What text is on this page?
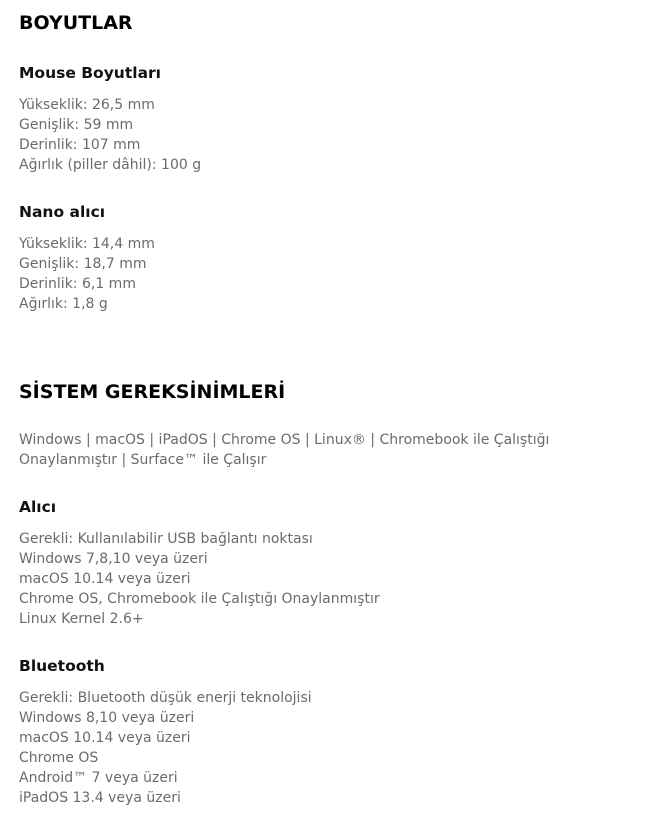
BOYUTLAR
Mouse Boyutları
Yükseklik: 26,5 mm
Genişlik: 59 mm
Derinlik: 107 mm
Ağırlık (piller dâhil): 100 g
Nano alıcı
Yükseklik: 14,4 mm
Genişlik: 18,7 mm
Derinlik: 6,1 mm
Ağırlık: 1,8 g
SİSTEM GEREKSİNİMLERİ

Windows | macOS | iPadOS | Chrome OS | Linux® | Chromebook ile Çalıştığı Onaylanmıştır | Surface™ ile Çalışır

Alıcı
Gerekli: Kullanılabilir USB bağlantı noktası
Windows 7,8,10 veya üzeri
macOS 10.14 veya üzeri
Chrome OS, Chromebook ile Çalıştığı Onaylanmıştır
Linux Kernel 2.6+
Bluetooth
Gerekli: Bluetooth düşük enerji teknolojisi
Windows 8,10 veya üzeri
macOS 10.14 veya üzeri
Chrome OS
Android™ 7 veya üzeri
iPadOS 13.4 veya üzeri
